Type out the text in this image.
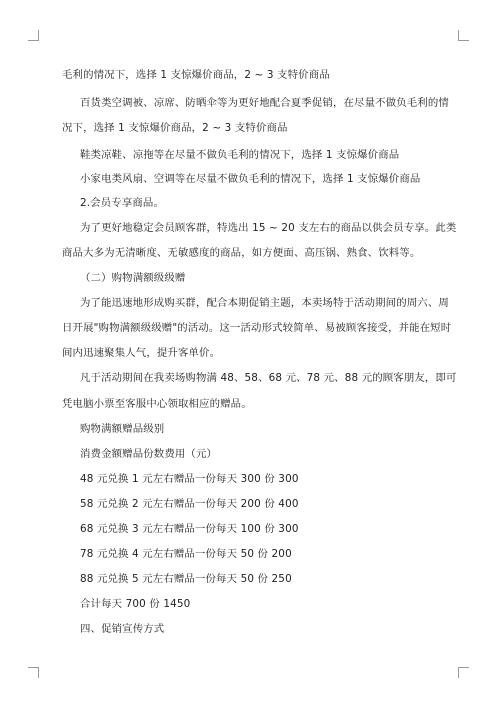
毛利的情况下，选择 1 支惊爆价商品，2 ~ 3 支特价商品
百货类空调被、凉席、防晒伞等为更好地配合夏季促销，在尽量不做负毛利的情
况下，选择 1 支惊爆价商品，2 ~ 3 支特价商品
鞋类凉鞋、凉拖等在尽量不做负毛利的情况下，选择 1 支惊爆价商品
小家电类风扇、空调等在尽量不做负毛利的情况下，选择 1 支惊爆价商品
2.会员专享商品。
为了更好地稳定会员顾客群，特选出 15 ~ 20 支左右的商品以供会员专享。此类
商品大多为无清晰度、无敏感度的商品，如方便面、高压锅、熟食、饮料等。
（二）购物满额级级赠
为了能迅速地形成购买群，配合本期促销主题，本卖场特于活动期间的周六、周
日开展"购物满额级级赠"的活动。这一活动形式较简单、易被顾客接受，并能在短时
间内迅速聚集人气，提升客单价。
凡于活动期间在我卖场购物满 48、58、68 元、78 元、88 元的顾客朋友，即可
凭电脑小票至客服中心领取相应的赠品。
购物满额赠品级别
消费金额赠品份数费用（元）
48 元兑换 1 元左右赠品一份每天 300 份 300
58 元兑换 2 元左右赠品一份每天 200 份 400
68 元兑换 3 元左右赠品一份每天 100 份 300
78 元兑换 4 元左右赠品一份每天 50 份 200
88 元兑换 5 元左右赠品一份每天 50 份 250
合计每天 700 份 1450
四、促销宣传方式
